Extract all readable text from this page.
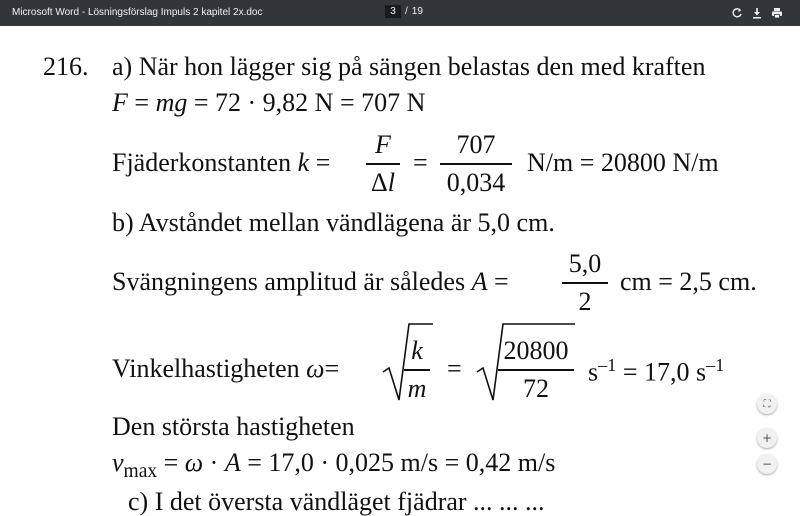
Microsoft Word - Lösningsförslag Impuls 2 kapitel 2x.doc	3 / 19
216. a) När hon lägger sig på sängen belastas den med kraften
F = mg = 72 · 9,82 N = 707 N
Fjäderkonstanten k =
F
Δl
=
707
0,034
N/m = 20800 N/m
b) Avståndet mellan vändlägena är 5,0 cm.
Svängningens amplitud är således A =
5,0
2
cm = 2,5 cm.
Vinkelhastigheten ω=
k
m
=
20800
72
$s^{-1} = 17,0$ $s^{-1}$
Den största hastigheten
$v_{max} = \omega \cdot A = 17,0 \cdot 0,025$ m/s = 0,42 m/s
c) I det översta vändläget fjädrar ... ... ...
⛶
+
−
